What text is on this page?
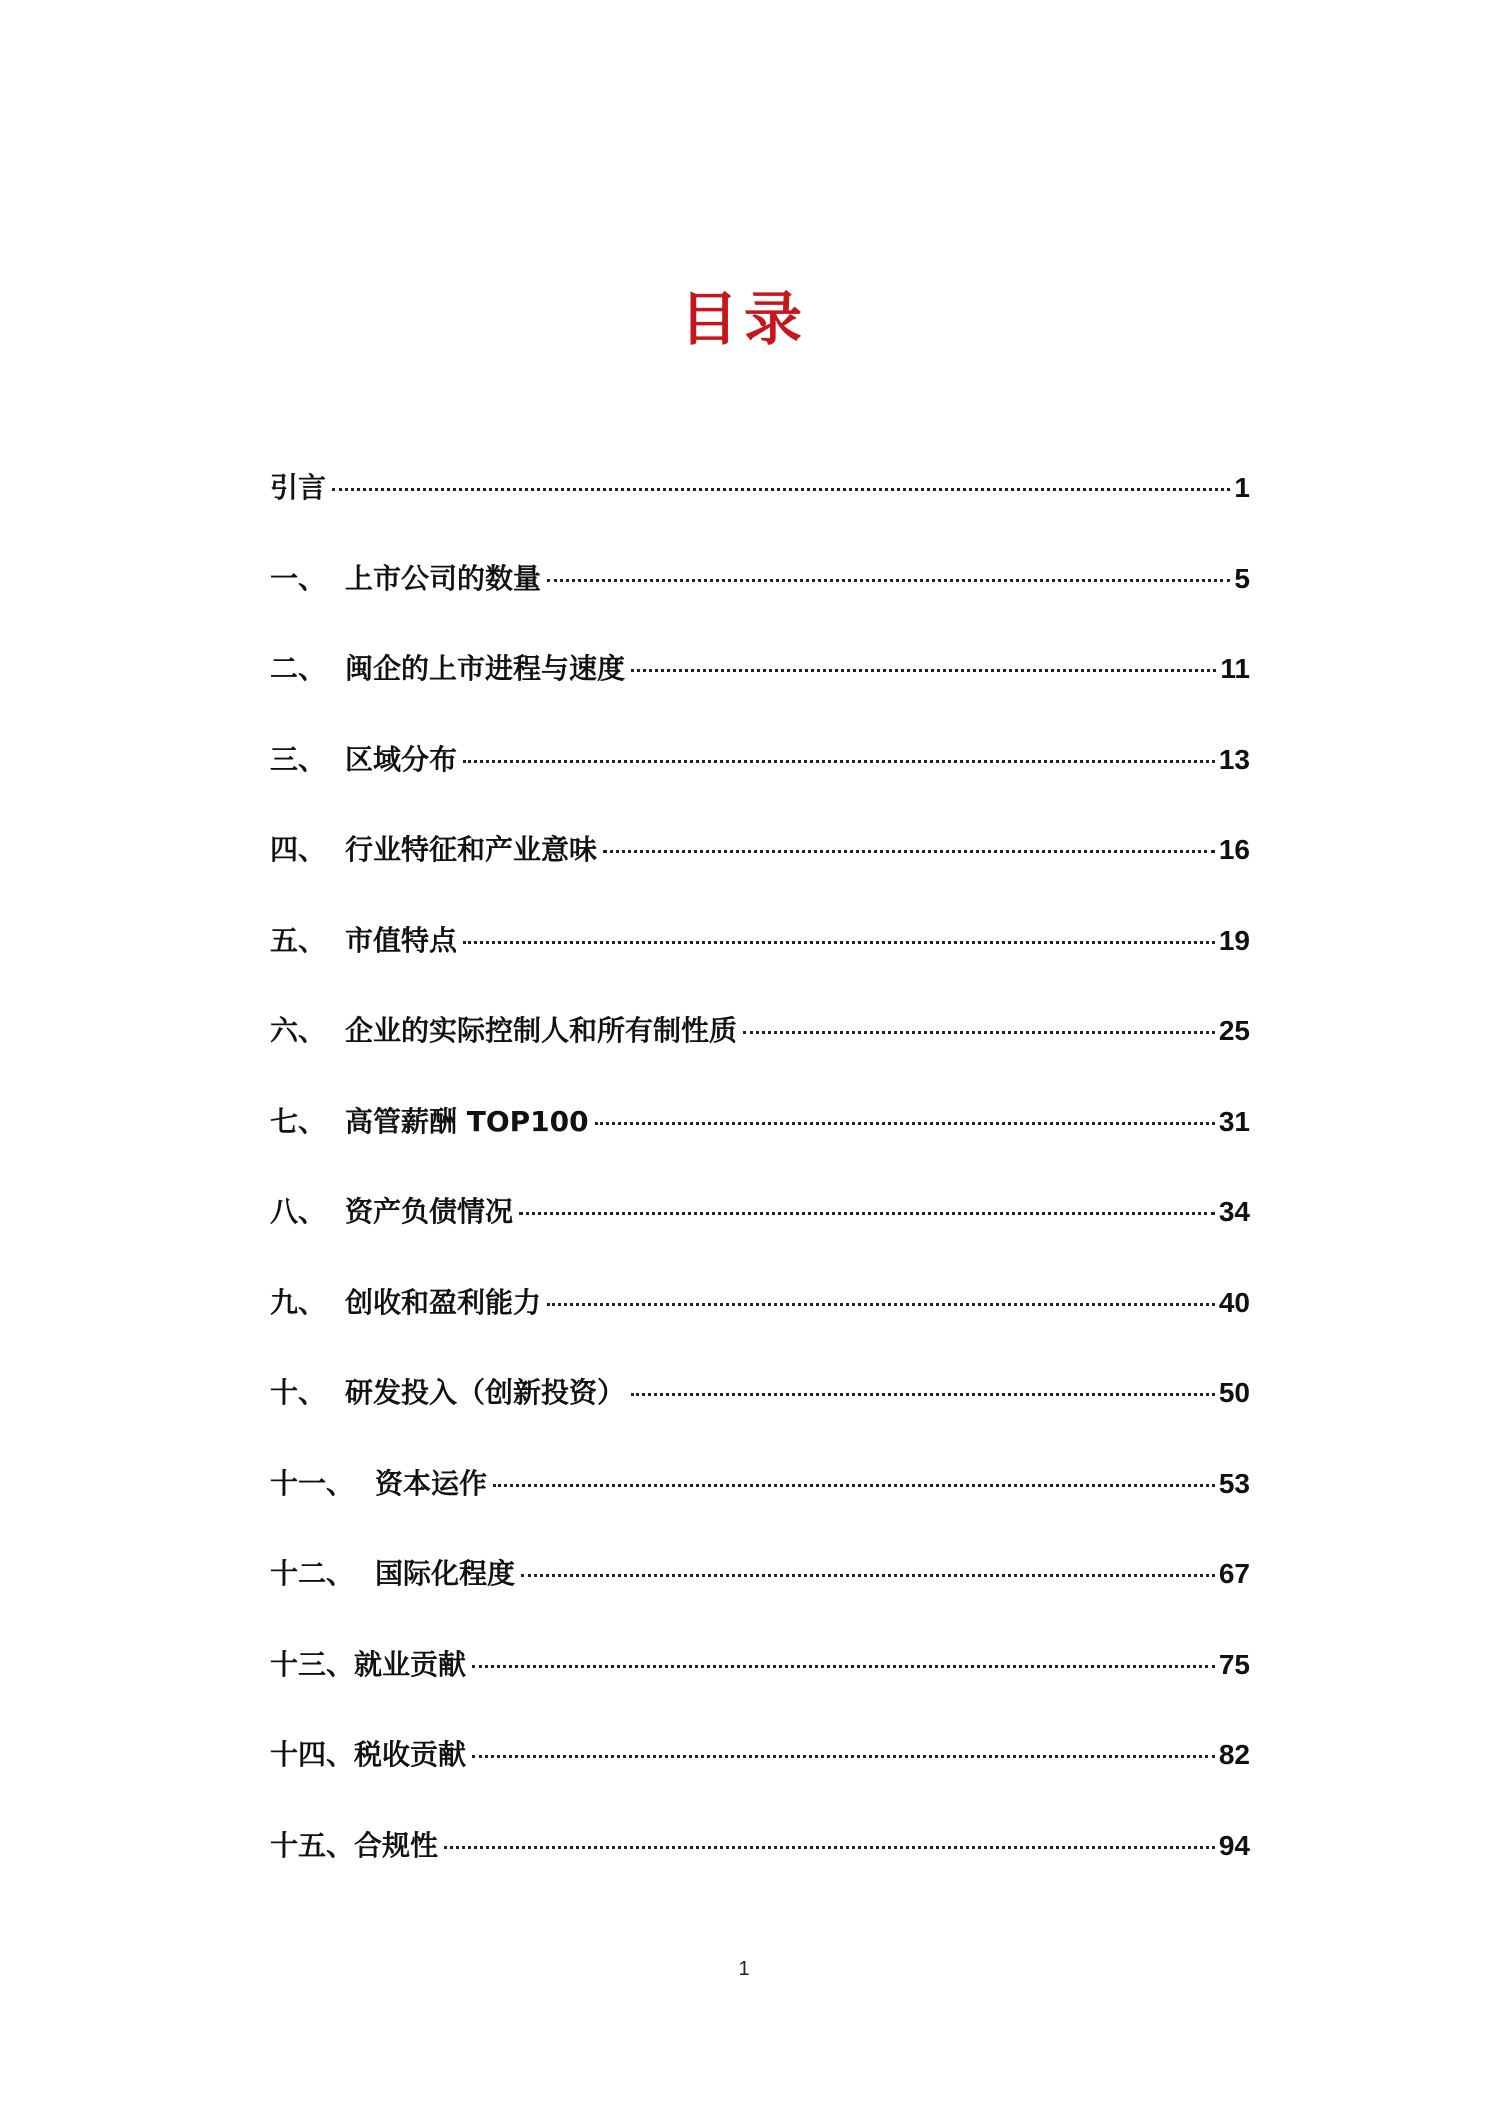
目录
引言	1
一、 上市公司的数量	5
二、 闽企的上市进程与速度	11
三、 区域分布	13
四、 行业特征和产业意味	16
五、 市值特点	19
六、 企业的实际控制人和所有制性质	25
七、 高管薪酬 TOP100	31
八、 资产负债情况	34
九、 创收和盈利能力	40
十、 研发投入（创新投资）	50
十一、 资本运作	53
十二、 国际化程度	67
十三、 就业贡献	75
十四、 税收贡献	82
十五、 合规性	94
1
